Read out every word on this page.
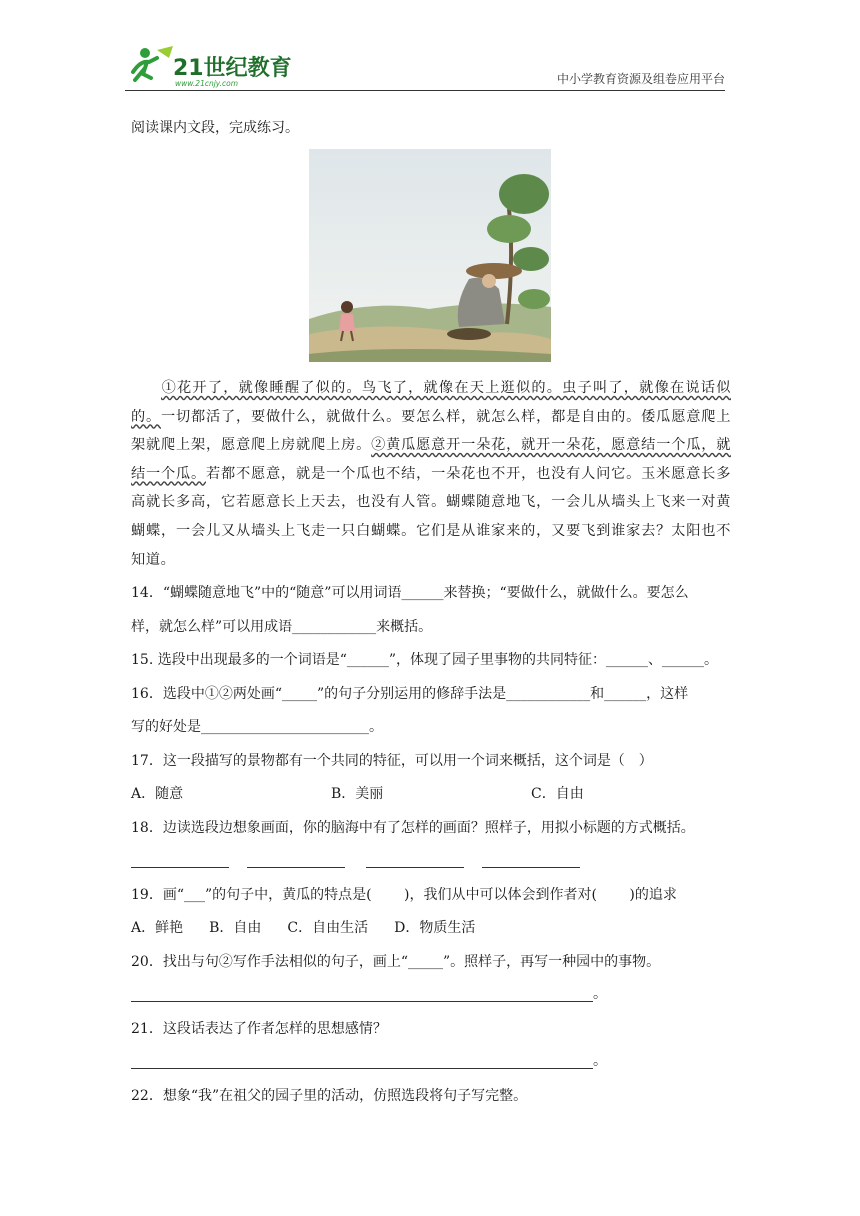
21世纪教育
www.21cnjy.com	中小学教育资源及组卷应用平台
阅读课内文段，完成练习。
①花开了，就像睡醒了似的。鸟飞了，就像在天上逛似的。虫子叫了，就像在说话似的。一切都活了，要做什么，就做什么。要怎么样，就怎么样，都是自由的。倭瓜愿意爬上架就爬上架，愿意爬上房就爬上房。②黄瓜愿意开一朵花，就开一朵花，愿意结一个瓜，就结一个瓜。若都不愿意，就是一个瓜也不结，一朵花也不开，也没有人问它。玉米愿意长多高就长多高，它若愿意长上天去，也没有人管。蝴蝶随意地飞，一会儿从墙头上飞来一对黄蝴蝶，一会儿又从墙头上飞走一只白蝴蝶。它们是从谁家来的，又要飞到谁家去？太阳也不知道。

14．“蝴蝶随意地飞”中的“随意”可以用词语______来替换；“要做什么，就做什么。要怎么

样，就怎么样”可以用成语____________来概括。

15. 选段中出现最多的一个词语是“______”，体现了园子里事物的共同特征：______、______。

16．选段中①②两处画“_____”的句子分别运用的修辞手法是____________和______，这样

写的好处是________________________。

17．这一段描写的景物都有一个共同的特征，可以用一个词来概括，这个词是（　）

A．随意	B．美丽	C．自由

18．边读选段边想象画面，你的脑海中有了怎样的画面？照样子，用拟小标题的方式概括。

19．画“___”的句子中，黄瓜的特点是(　　 )，我们从中可以体会到作者对(　　 )的追求

A．鲜艳 B．自由 C．自由生活 D．物质生活

20．找出与句②写作手法相似的句子，画上“_____”。照样子，再写一种园中的事物。

。

21．这段话表达了作者怎样的思想感情？

。

22．想象“我”在祖父的园子里的活动，仿照选段将句子写完整。
